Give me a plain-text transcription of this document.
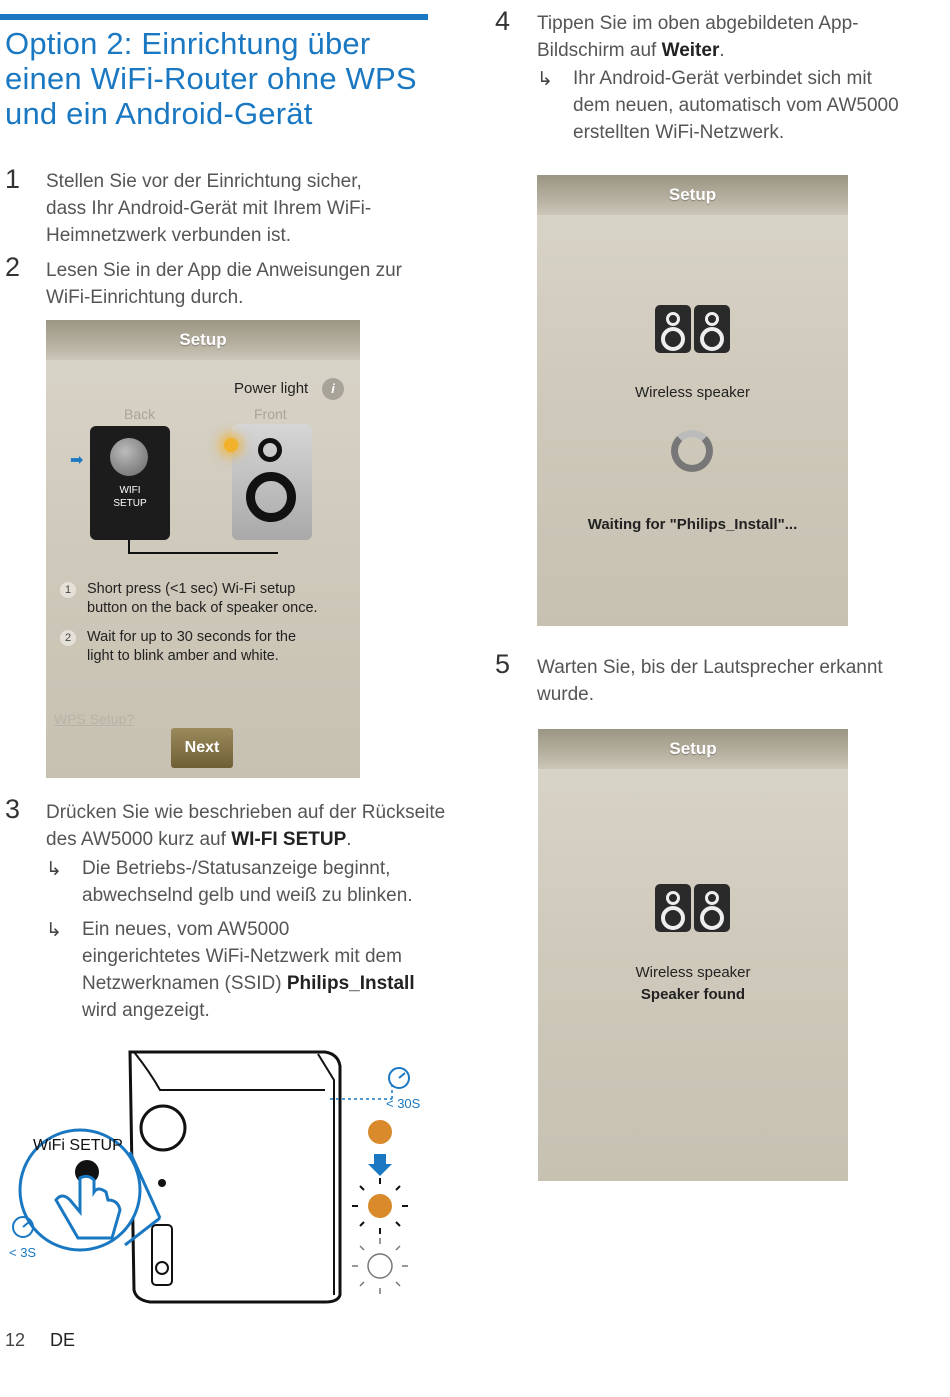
Option 2: Einrichtung über
einen WiFi-Router ohne WPS
und ein Android-Gerät
1 Stellen Sie vor der Einrichtung sicher,
dass Ihr Android-Gerät mit Ihrem WiFi-
Heimnetzwerk verbunden ist.
2 Lesen Sie in der App die Anweisungen zur
WiFi-Einrichtung durch.
Setup
Power light	i
Back	Front
WIFI
SETUP
➡
1	Short press (<1 sec) Wi-Fi setup
button on the back of speaker once.
2	Wait for up to 30 seconds for the
light to blink amber and white.
WPS Setup?
Next
3 Drücken Sie wie beschrieben auf der Rückseite
des AW5000 kurz auf WI-FI SETUP.
↳ Die Betriebs-/Statusanzeige beginnt,
abwechselnd gelb und weiß zu blinken.
↳ Ein neues, vom AW5000
eingerichtetes WiFi-Netzwerk mit dem
Netzwerknamen (SSID) Philips_Install
wird angezeigt.
WiFi SETUP
< 3S
< 30S
4 Tippen Sie im oben abgebildeten App-
Bildschirm auf Weiter.
↳ Ihr Android-Gerät verbindet sich mit
dem neuen, automatisch vom AW5000
erstellten WiFi-Netzwerk.
Setup
Wireless speaker
Waiting for "Philips_Install"...
5 Warten Sie, bis der Lautsprecher erkannt
wurde.
Setup
Wireless speaker
Speaker found
12 DE
